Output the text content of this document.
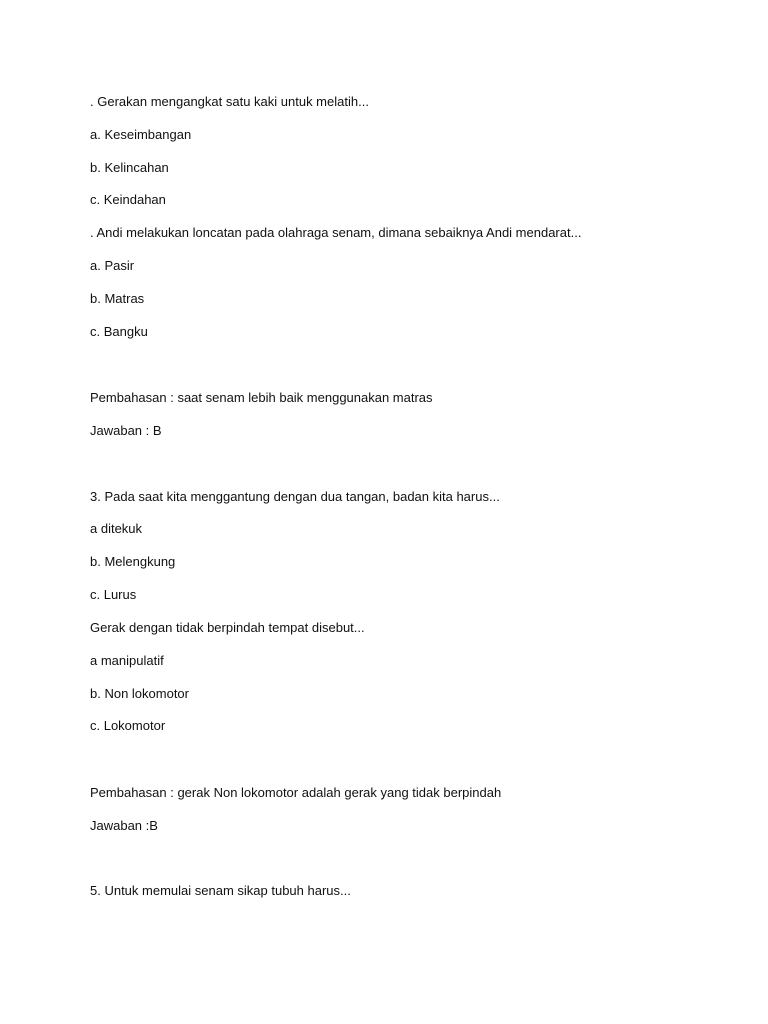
. Gerakan mengangkat satu kaki untuk melatih...
a. Keseimbangan
b. Kelincahan
c. Keindahan
. Andi melakukan loncatan pada olahraga senam, dimana sebaiknya Andi mendarat...
a. Pasir
b. Matras
c. Bangku
Pembahasan : saat senam lebih baik menggunakan matras
Jawaban : B
3. Pada saat kita menggantung dengan dua tangan, badan kita harus...
a ditekuk
b. Melengkung
c. Lurus
Gerak dengan tidak berpindah tempat disebut...
a manipulatif
b. Non lokomotor
c. Lokomotor
Pembahasan : gerak Non lokomotor adalah gerak yang tidak berpindah
Jawaban :B
5. Untuk memulai senam sikap tubuh harus...
